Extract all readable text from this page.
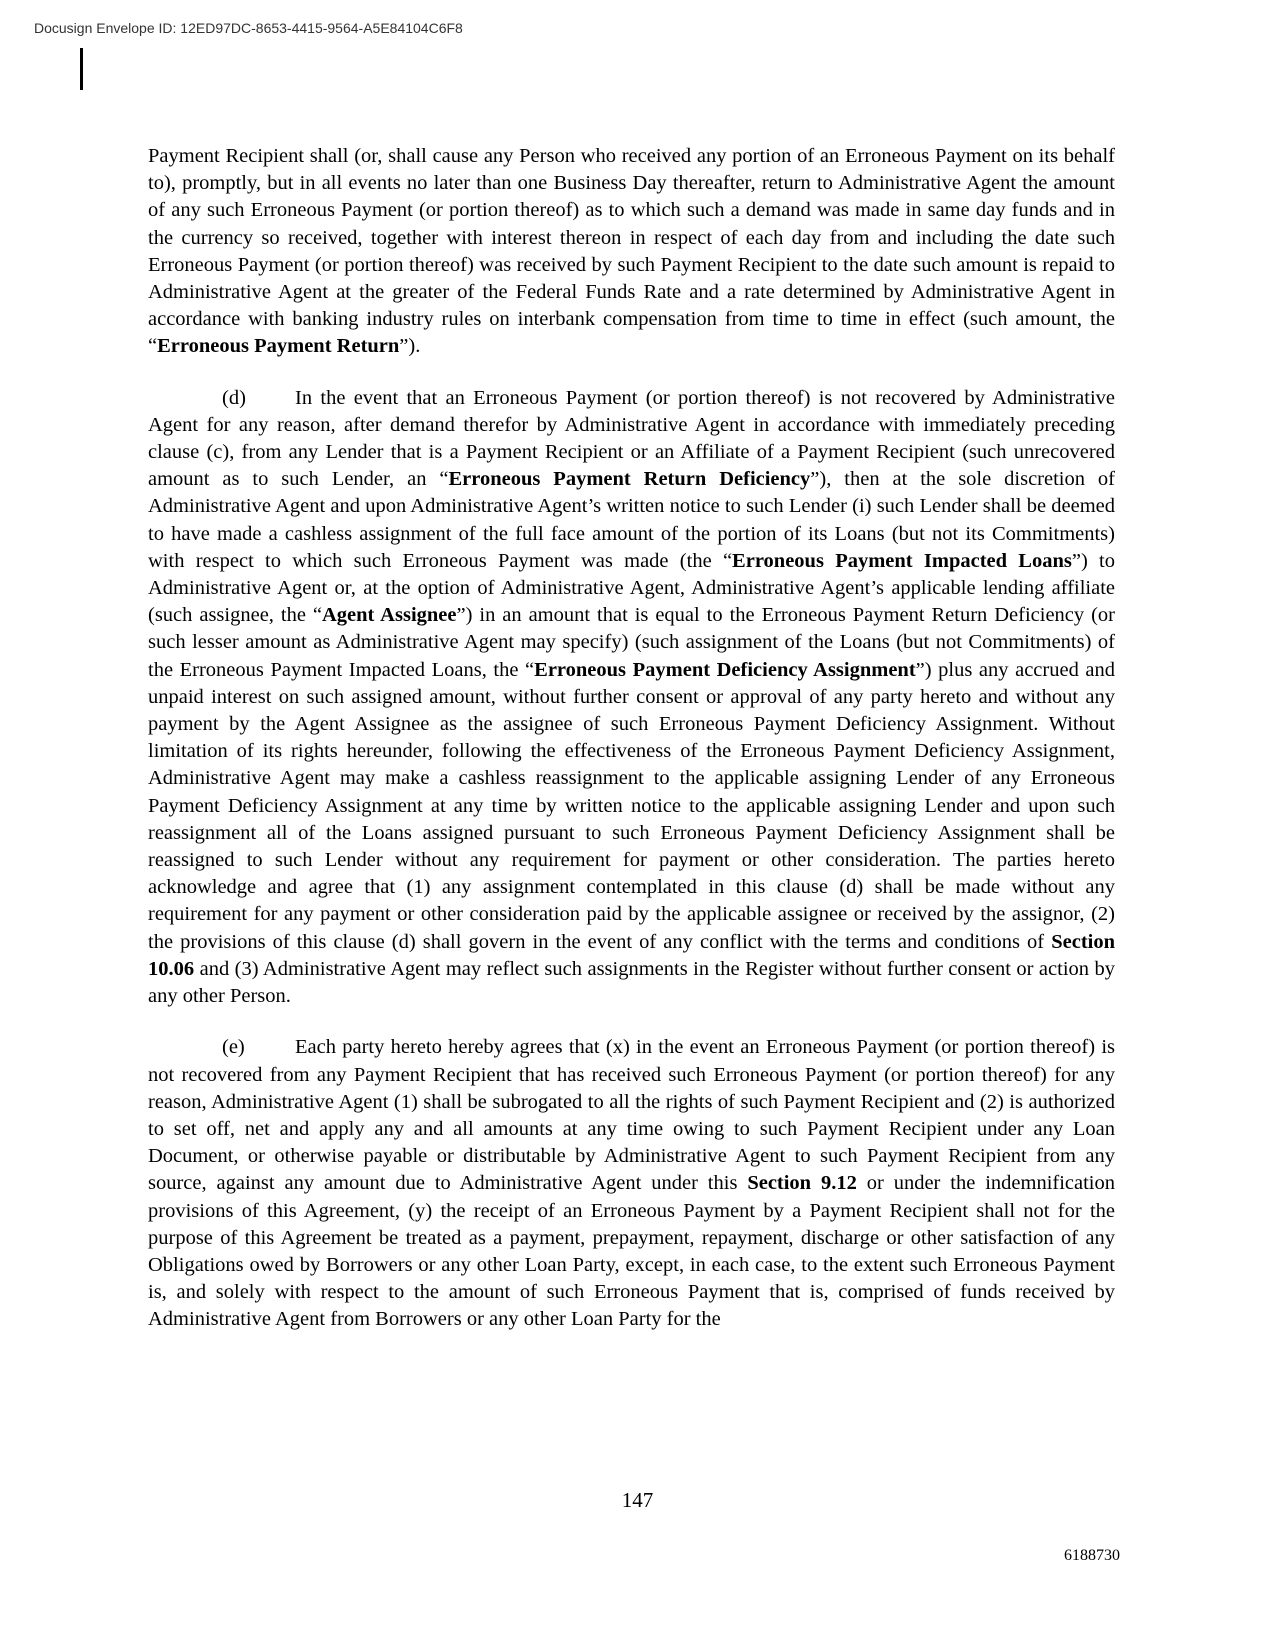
Docusign Envelope ID: 12ED97DC-8653-4415-9564-A5E84104C6F8

Payment Recipient shall (or, shall cause any Person who received any portion of an Erroneous Payment on its behalf to), promptly, but in all events no later than one Business Day thereafter, return to Administrative Agent the amount of any such Erroneous Payment (or portion thereof) as to which such a demand was made in same day funds and in the currency so received, together with interest thereon in respect of each day from and including the date such Erroneous Payment (or portion thereof) was received by such Payment Recipient to the date such amount is repaid to Administrative Agent at the greater of the Federal Funds Rate and a rate determined by Administrative Agent in accordance with banking industry rules on interbank compensation from time to time in effect (such amount, the “Erroneous Payment Return”).

(d) In the event that an Erroneous Payment (or portion thereof) is not recovered by Administrative Agent for any reason, after demand therefor by Administrative Agent in accordance with immediately preceding clause (c), from any Lender that is a Payment Recipient or an Affiliate of a Payment Recipient (such unrecovered amount as to such Lender, an “Erroneous Payment Return Deficiency”), then at the sole discretion of Administrative Agent and upon Administrative Agent’s written notice to such Lender (i) such Lender shall be deemed to have made a cashless assignment of the full face amount of the portion of its Loans (but not its Commitments) with respect to which such Erroneous Payment was made (the “Erroneous Payment Impacted Loans”) to Administrative Agent or, at the option of Administrative Agent, Administrative Agent’s applicable lending affiliate (such assignee, the “Agent Assignee”) in an amount that is equal to the Erroneous Payment Return Deficiency (or such lesser amount as Administrative Agent may specify) (such assignment of the Loans (but not Commitments) of the Erroneous Payment Impacted Loans, the “Erroneous Payment Deficiency Assignment”) plus any accrued and unpaid interest on such assigned amount, without further consent or approval of any party hereto and without any payment by the Agent Assignee as the assignee of such Erroneous Payment Deficiency Assignment. Without limitation of its rights hereunder, following the effectiveness of the Erroneous Payment Deficiency Assignment, Administrative Agent may make a cashless reassignment to the applicable assigning Lender of any Erroneous Payment Deficiency Assignment at any time by written notice to the applicable assigning Lender and upon such reassignment all of the Loans assigned pursuant to such Erroneous Payment Deficiency Assignment shall be reassigned to such Lender without any requirement for payment or other consideration. The parties hereto acknowledge and agree that (1) any assignment contemplated in this clause (d) shall be made without any requirement for any payment or other consideration paid by the applicable assignee or received by the assignor, (2) the provisions of this clause (d) shall govern in the event of any conflict with the terms and conditions of Section 10.06 and (3) Administrative Agent may reflect such assignments in the Register without further consent or action by any other Person.

(e) Each party hereto hereby agrees that (x) in the event an Erroneous Payment (or portion thereof) is not recovered from any Payment Recipient that has received such Erroneous Payment (or portion thereof) for any reason, Administrative Agent (1) shall be subrogated to all the rights of such Payment Recipient and (2) is authorized to set off, net and apply any and all amounts at any time owing to such Payment Recipient under any Loan Document, or otherwise payable or distributable by Administrative Agent to such Payment Recipient from any source, against any amount due to Administrative Agent under this Section 9.12 or under the indemnification provisions of this Agreement, (y) the receipt of an Erroneous Payment by a Payment Recipient shall not for the purpose of this Agreement be treated as a payment, prepayment, repayment, discharge or other satisfaction of any Obligations owed by Borrowers or any other Loan Party, except, in each case, to the extent such Erroneous Payment is, and solely with respect to the amount of such Erroneous Payment that is, comprised of funds received by Administrative Agent from Borrowers or any other Loan Party for the

147
6188730
